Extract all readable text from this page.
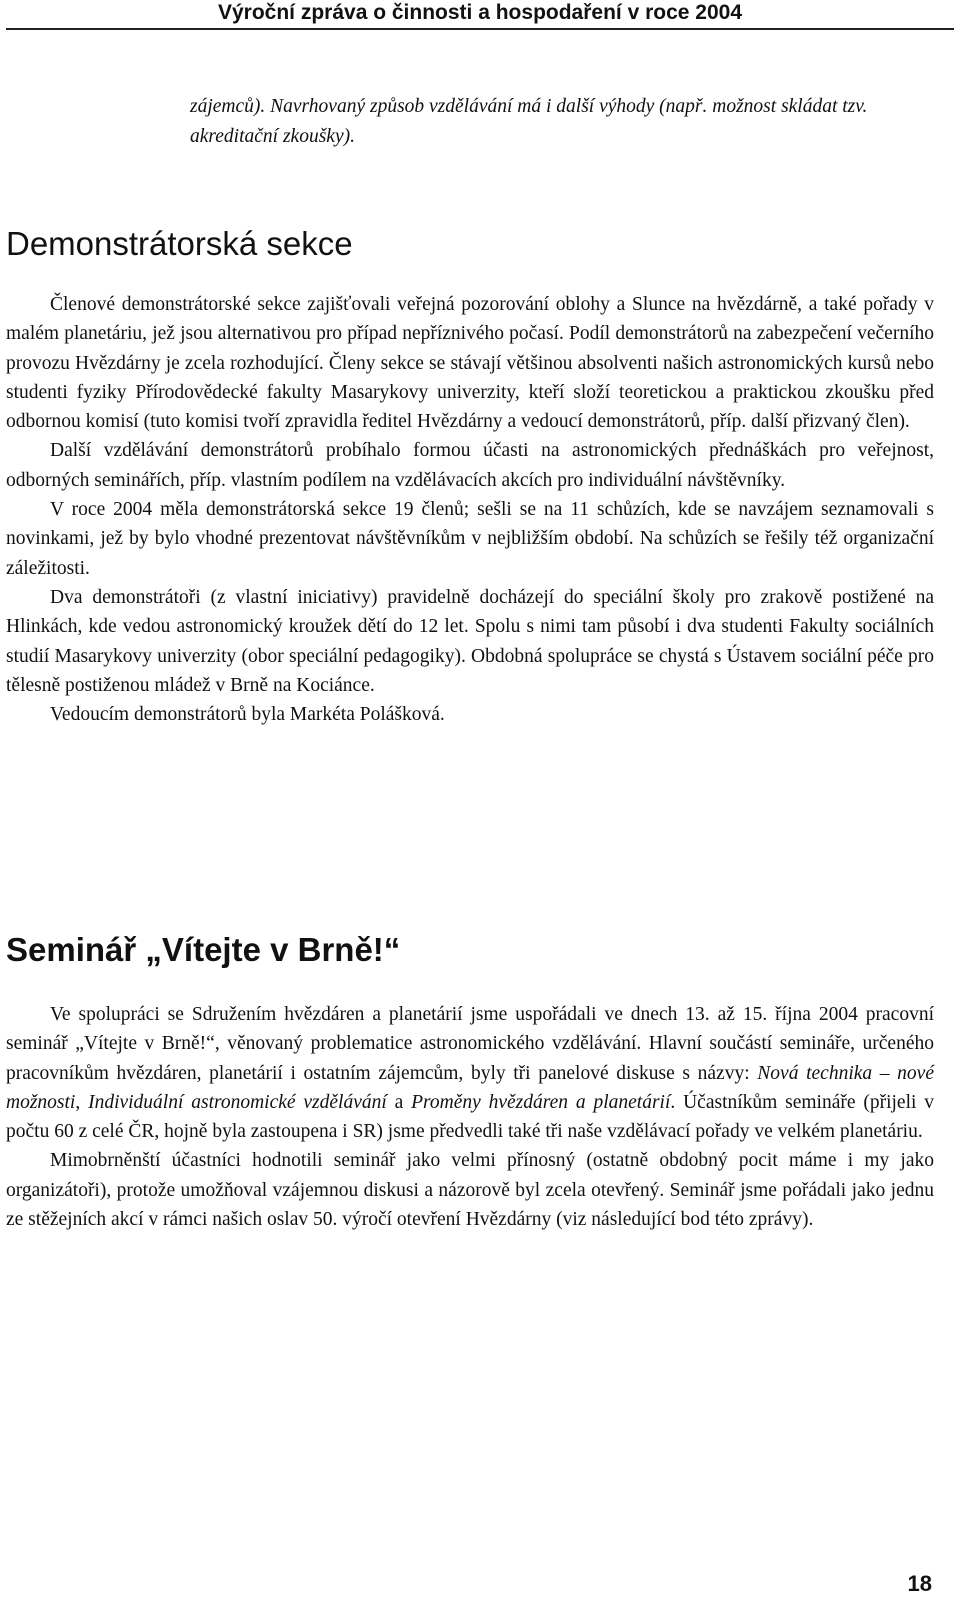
Výroční zpráva o činnosti a hospodaření v roce 2004

zájemců). Navrhovaný způsob vzdělávání má i další výhody (např. možnost skládat tzv. akreditační zkoušky).

Demonstrátorská sekce

Členové demonstrátorské sekce zajišťovali veřejná pozorování oblohy a Slunce na hvězdárně, a také pořady v malém planetáriu, jež jsou alternativou pro případ nepříznivého počasí. Podíl demonstrátorů na zabezpečení večerního provozu Hvězdárny je zcela rozhodující. Členy sekce se stávají většinou absolventi našich astronomických kursů nebo studenti fyziky Přírodovědecké fakulty Masarykovy univerzity, kteří složí teoretickou a praktickou zkoušku před odbornou komisí (tuto komisi tvoří zpravidla ředitel Hvězdárny a vedoucí demonstrátorů, příp. další přizvaný člen).

Další vzdělávání demonstrátorů probíhalo formou účasti na astronomických přednáškách pro veřejnost, odborných seminářích, příp. vlastním podílem na vzdělávacích akcích pro individuální návštěvníky.

V roce 2004 měla demonstrátorská sekce 19 členů; sešli se na 11 schůzích, kde se navzájem seznamovali s novinkami, jež by bylo vhodné prezentovat návštěvníkům v nejbližším období. Na schůzích se řešily též organizační záležitosti.

Dva demonstrátoři (z vlastní iniciativy) pravidelně docházejí do speciální školy pro zrakově postižené na Hlinkách, kde vedou astronomický kroužek dětí do 12 let. Spolu s nimi tam působí i dva studenti Fakulty sociálních studií Masarykovy univerzity (obor speciální pedagogiky). Obdobná spolupráce se chystá s Ústavem sociální péče pro tělesně postiženou mládež v Brně na Kociánce.

Vedoucím demonstrátorů byla Markéta Polášková.

Seminář „Vítejte v Brně!“

Ve spolupráci se Sdružením hvězdáren a planetárií jsme uspořádali ve dnech 13. až 15. října 2004 pracovní seminář „Vítejte v Brně!“, věnovaný problematice astronomického vzdělávání. Hlavní součástí semináře, určeného pracovníkům hvězdáren, planetárií i ostatním zájemcům, byly tři panelové diskuse s názvy: Nová technika – nové možnosti, Individuální astronomické vzdělávání a Proměny hvězdáren a planetárií. Účastníkům semináře (přijeli v počtu 60 z celé ČR, hojně byla zastoupena i SR) jsme předvedli také tři naše vzdělávací pořady ve velkém planetáriu.

Mimobrněnští účastníci hodnotili seminář jako velmi přínosný (ostatně obdobný pocit máme i my jako organizátoři), protože umožňoval vzájemnou diskusi a názorově byl zcela otevřený. Seminář jsme pořádali jako jednu ze stěžejních akcí v rámci našich oslav 50. výročí otevření Hvězdárny (viz následující bod této zprávy).

18
